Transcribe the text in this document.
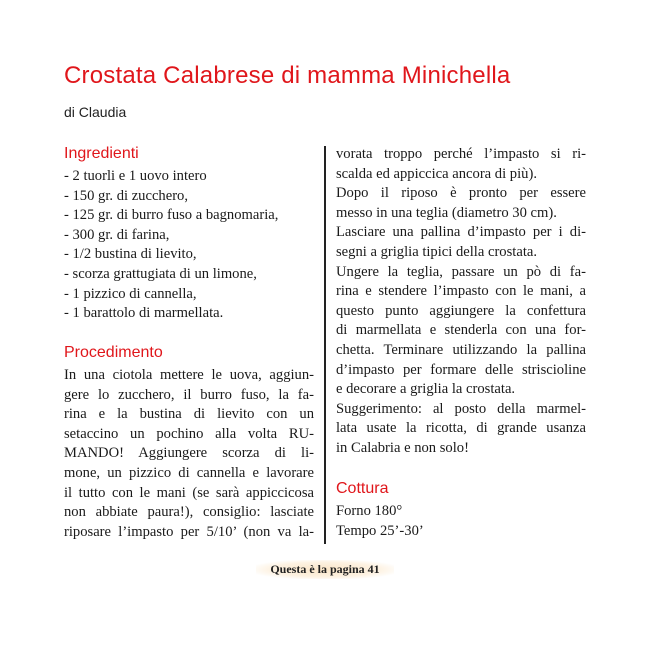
Crostata Calabrese di mamma Minichella
di Claudia
Ingredienti
- 2 tuorli e 1 uovo intero
- 150 gr. di zucchero,
- 125 gr. di burro fuso a bagnomaria,
- 300 gr. di farina,
- 1/2 bustina di lievito,
- scorza grattugiata di un limone,
- 1 pizzico di cannella,
- 1 barattolo di marmellata.
Procedimento
In una ciotola mettere le uova, aggiun-
gere lo zucchero, il burro fuso, la fa-
rina e la bustina di lievito con un
setaccino un pochino alla volta RU-
MANDO! Aggiungere scorza di li-
mone, un pizzico di cannella e lavorare
il tutto con le mani (se sarà appiccicosa
non abbiate paura!), consiglio: lasciate
riposare l’impasto per 5/10’ (non va la-
vorata troppo perché l’impasto si ri-
scalda ed appiccica ancora di più).
Dopo il riposo è pronto per essere
messo in una teglia (diametro 30 cm).
Lasciare una pallina d’impasto per i di-
segni a griglia tipici della crostata.
Ungere la teglia, passare un pò di fa-
rina e stendere l’impasto con le mani, a
questo punto aggiungere la confettura
di marmellata e stenderla con una for-
chetta. Terminare utilizzando la pallina
d’impasto per formare delle striscioline
e decorare a griglia la crostata.
Suggerimento: al posto della marmel-
lata usate la ricotta, di grande usanza
in Calabria e non solo!
Cottura
Forno 180°
Tempo 25’-30’
Questa è la pagina 41
